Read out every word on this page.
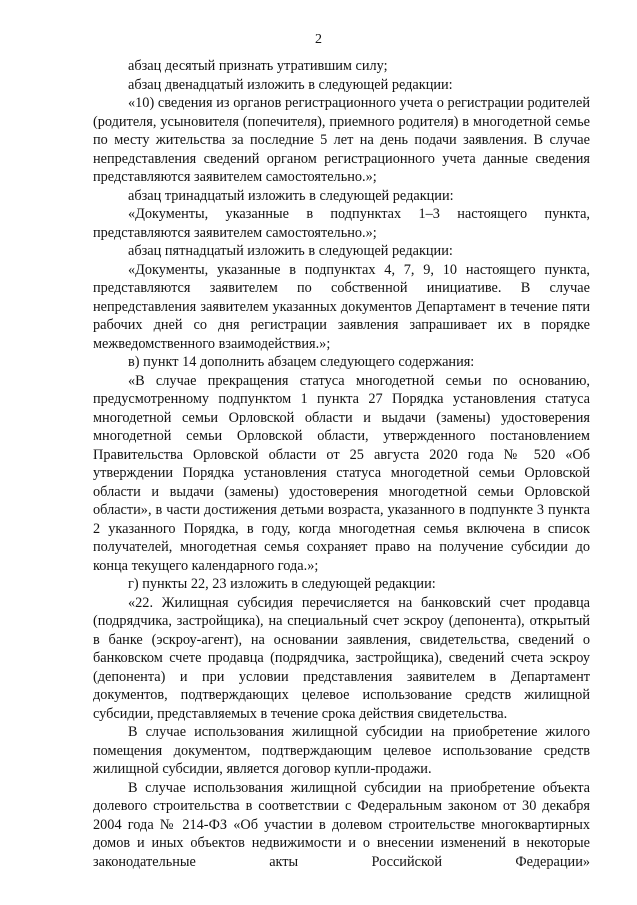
2

абзац десятый признать утратившим силу;

абзац двенадцатый изложить в следующей редакции:

«10) сведения из органов регистрационного учета о регистрации родителей (родителя, усыновителя (попечителя), приемного родителя) в многодетной семье по месту жительства за последние 5 лет на день подачи заявления. В случае непредставления сведений органом регистрационного учета данные сведения представляются заявителем самостоятельно.»;

абзац тринадцатый изложить в следующей редакции:

«Документы, указанные в подпунктах 1–3 настоящего пункта, представляются заявителем самостоятельно.»;

абзац пятнадцатый изложить в следующей редакции:

«Документы, указанные в подпунктах 4, 7, 9, 10 настоящего пункта, представляются заявителем по собственной инициативе. В случае непредставления заявителем указанных документов Департамент в течение пяти рабочих дней со дня регистрации заявления запрашивает их в порядке межведомственного взаимодействия.»;

в) пункт 14 дополнить абзацем следующего содержания:

«В случае прекращения статуса многодетной семьи по основанию, предусмотренному подпунктом 1 пункта 27 Порядка установления статуса многодетной семьи Орловской области и выдачи (замены) удостоверения многодетной семьи Орловской области, утвержденного постановлением Правительства Орловской области от 25 августа 2020 года № 520 «Об утверждении Порядка установления статуса многодетной семьи Орловской области и выдачи (замены) удостоверения многодетной семьи Орловской области», в части достижения детьми возраста, указанного в подпункте 3 пункта 2 указанного Порядка, в году, когда многодетная семья включена в список получателей, многодетная семья сохраняет право на получение субсидии до конца текущего календарного года.»;

г) пункты 22, 23 изложить в следующей редакции:

«22. Жилищная субсидия перечисляется на банковский счет продавца (подрядчика, застройщика), на специальный счет эскроу (депонента), открытый в банке (эскроу-агент), на основании заявления, свидетельства, сведений о банковском счете продавца (подрядчика, застройщика), сведений счета эскроу (депонента) и при условии представления заявителем в Департамент документов, подтверждающих целевое использование средств жилищной субсидии, представляемых в течение срока действия свидетельства.

В случае использования жилищной субсидии на приобретение жилого помещения документом, подтверждающим целевое использование средств жилищной субсидии, является договор купли-продажи.

В случае использования жилищной субсидии на приобретение объекта долевого строительства в соответствии с Федеральным законом от 30 декабря 2004 года № 214-ФЗ «Об участии в долевом строительстве многоквартирных домов и иных объектов недвижимости и о внесении изменений в некоторые законодательные акты Российской Федерации»
